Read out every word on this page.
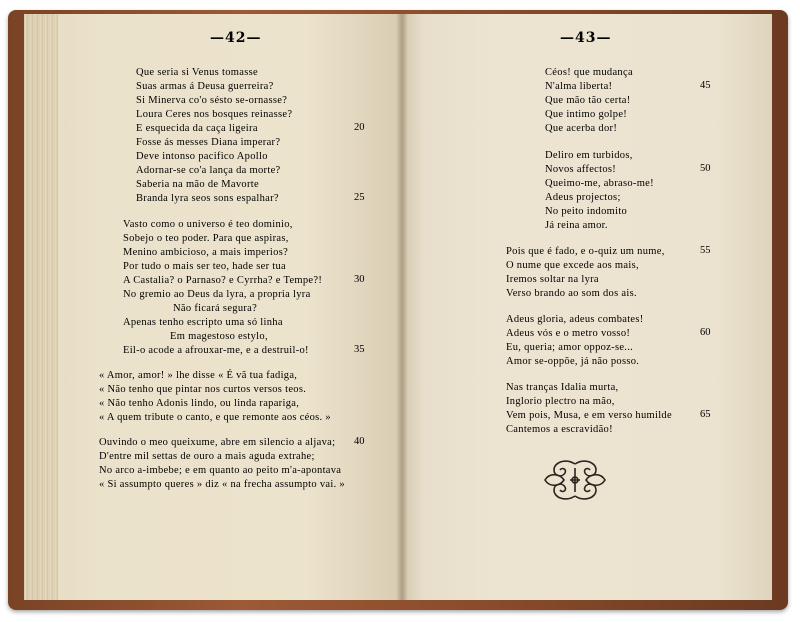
—42—	—43—
Que seria si Venus tomasse
Suas armas á Deusa guerreira?
Si Minerva co'o sésto se-ornasse?
Loura Ceres nos bosques reinasse?
E esquecida da caça ligeira	20
Fosse ás messes Diana imperar?
Deve intonso pacifico Apollo
Adornar-se co'a lança da morte?
Saberia na mão de Mavorte
Branda lyra seos sons espalhar?	25
Vasto como o universo é teo dominio,
Sobejo o teo poder. Para que aspiras,
Menino ambicioso, a mais imperios?
Por tudo o mais ser teo, hade ser tua
A Castalia? o Parnaso? e Cyrrha? e Tempe?!	30
No gremio ao Deus da lyra, a propria lyra
Não ficará segura?
Apenas tenho escripto uma só linha
Em magestoso estylo,
Eil-o acode a afrouxar-me, e a destruil-o!	35
« Amor, amor! » lhe disse « É vã tua fadiga,
« Não tenho que pintar nos curtos versos teos.
« Não tenho Adonis lindo, ou linda rapariga,
« A quem tribute o canto, e que remonte aos céos. »
Ouvindo o meo queixume, abre em silencio a aljava; 40
D'entre mil settas de ouro a mais aguda extrahe;
No arco a-imbebe; e em quanto ao peito m'a-apontava
« Si assumpto queres » diz « na frecha assumpto vai. »
Céos! que mudança
N'alma liberta!	45
Que mão tão certa!
Que intimo golpe!
Que acerba dor!
Deliro em turbidos,
Novos affectos!	50
Queimo-me, abraso-me!
Adeus projectos;
No peito indomito
Já reina amor.
Pois que é fado, e o-quiz um nume,	55
O nume que excede aos mais,
Iremos soltar na lyra
Verso brando ao som dos ais.
Adeus gloria, adeus combates!
Adeus vós e o metro vosso!	60
Eu, queria; amor oppoz-se...
Amor se-oppõe, já não posso.
Nas tranças Idalia murta,
Inglorio plectro na mão,
Vem pois, Musa, e em verso humilde	65
Cantemos a escravidão!
